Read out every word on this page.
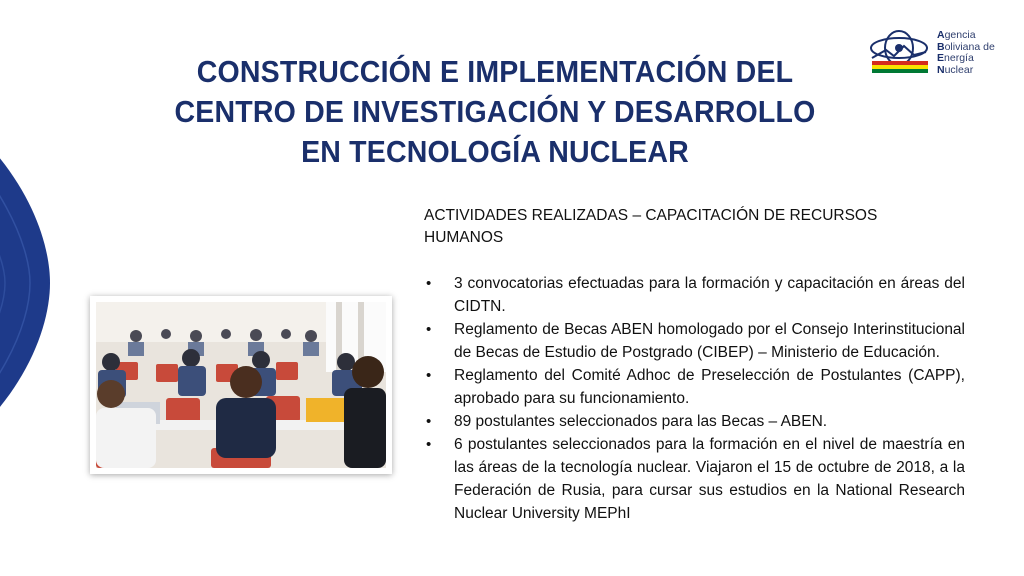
CONSTRUCCIÓN E IMPLEMENTACIÓN DEL
CENTRO DE INVESTIGACIÓN Y DESARROLLO
EN TECNOLOGÍA NUCLEAR
Agencia
Boliviana de
Energía
Nuclear
ACTIVIDADES REALIZADAS – CAPACITACIÓN DE RECURSOS HUMANOS
• 3 convocatorias efectuadas para la formación y capacitación en áreas del CIDTN.
• Reglamento de Becas ABEN homologado por el Consejo Interinstitucional de Becas de Estudio de Postgrado (CIBEP) – Ministerio de Educación.
• Reglamento del Comité Adhoc de Preselección de Postulantes (CAPP), aprobado para su funcionamiento.
• 89 postulantes seleccionados para las Becas – ABEN.
• 6 postulantes seleccionados para la formación en el nivel de maestría en las áreas de la tecnología nuclear. Viajaron el 15 de octubre de 2018, a la Federación de Rusia, para cursar sus estudios en la National Research Nuclear University MEPhI
